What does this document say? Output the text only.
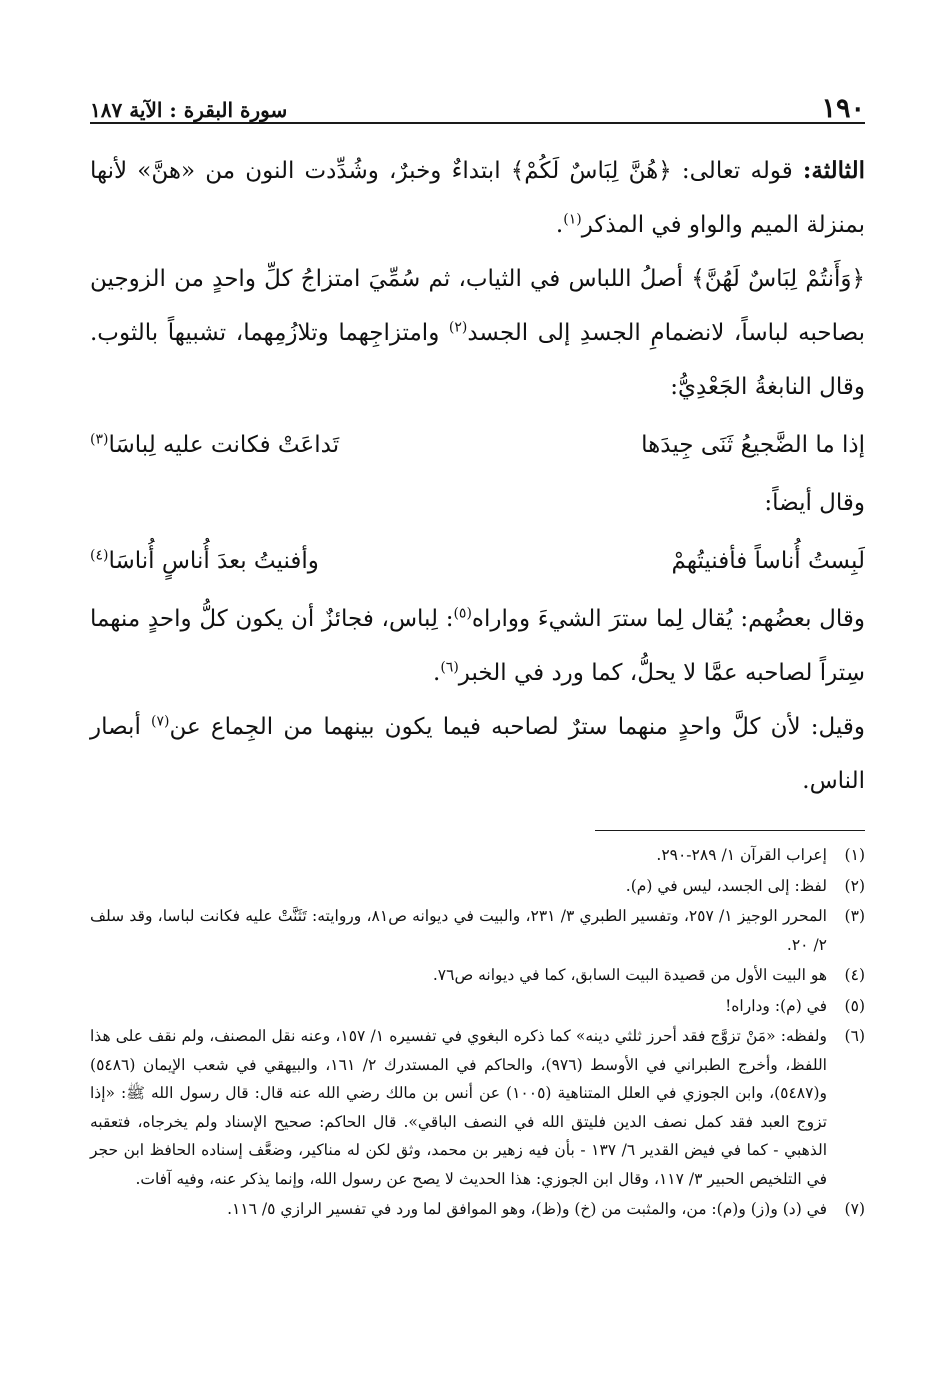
١٩٠
سورة البقرة : الآية ١٨٧

الثالثة: قوله تعالى: ﴿هُنَّ لِبَاسٌ لَكُمْ﴾ ابتداءٌ وخبرٌ، وشُدِّدت النون من «هنَّ» لأنها بمنزلة الميم والواو في المذكر$^{(١)}$.

﴿وَأَنتُمْ لِبَاسٌ لَهُنَّ﴾ أصلُ اللباس في الثياب، ثم سُمِّيَ امتزاجُ كلِّ واحدٍ من الزوجين بصاحبه لباساً، لانضمامِ الجسدِ إلى الجسد$^{(٢)}$ وامتزاجِهما وتلازُمِهما، تشبيهاً بالثوب. وقال النابغةُ الجَعْدِيُّ:

إذا ما الضَّجيعُ ثَنَى جِيدَها
تَداعَتْ فكانت عليه لِباسَا$^{(٣)}$

وقال أيضاً:

لَبِستُ أُناساً فأفنيتُهمْ
وأفنيتُ بعدَ أُناسٍ أُناسَا$^{(٤)}$

وقال بعضُهم: يُقال لِما سترَ الشيءَ وواراه$^{(٥)}$: لِباس، فجائزٌ أن يكون كلُّ واحدٍ منهما سِتراً لصاحبه عمَّا لا يحلُّ، كما ورد في الخبر$^{(٦)}$.

وقيل: لأن كلَّ واحدٍ منهما سترٌ لصاحبه فيما يكون بينهما من الجِماع عن$^{(٧)}$ أبصار الناس.

(١)
إعراب القرآن ١/ ٢٨٩-٢٩٠.
(٢)
لفظ: إلى الجسد، ليس في (م).
(٣)
المحرر الوجيز ١/ ٢٥٧، وتفسير الطبري ٣/ ٢٣١، والبيت في ديوانه ص٨١، وروايته: تَثَنَّتْ عليه فكانت لباسا، وقد سلف ٢/ ٢٠.
(٤)
هو البيت الأول من قصيدة البيت السابق، كما في ديوانه ص٧٦.
(٥)
في (م): وداراه!
(٦)
ولفظه: «مَنْ تزوَّج فقد أحرز ثلثي دينه» كما ذكره البغوي في تفسيره ١/ ١٥٧، وعنه نقل المصنف، ولم نقف على هذا اللفظ، وأخرج الطبراني في الأوسط (٩٧٦)، والحاكم في المستدرك ٢/ ١٦١، والبيهقي في شعب الإيمان (٥٤٨٦) و(٥٤٨٧)، وابن الجوزي في العلل المتناهية (١٠٠٥) عن أنس بن مالك رضي الله عنه قال: قال رسول الله ﷺ: «إذا تزوج العبد فقد كمل نصف الدين فليتق الله في النصف الباقي». قال الحاكم: صحيح الإسناد ولم يخرجاه، فتعقبه الذهبي - كما في فيض القدير ٦/ ١٣٧ - بأن فيه زهير بن محمد، وثق لكن له مناكير، وضعَّف إسناده الحافظ ابن حجر في التلخيص الحبير ٣/ ١١٧، وقال ابن الجوزي: هذا الحديث لا يصح عن رسول الله، وإنما يذكر عنه، وفيه آفات.
(٧)
في (د) و(ز) و(م): من، والمثبت من (خ) و(ظ)، وهو الموافق لما ورد في تفسير الرازي ٥/ ١١٦.
